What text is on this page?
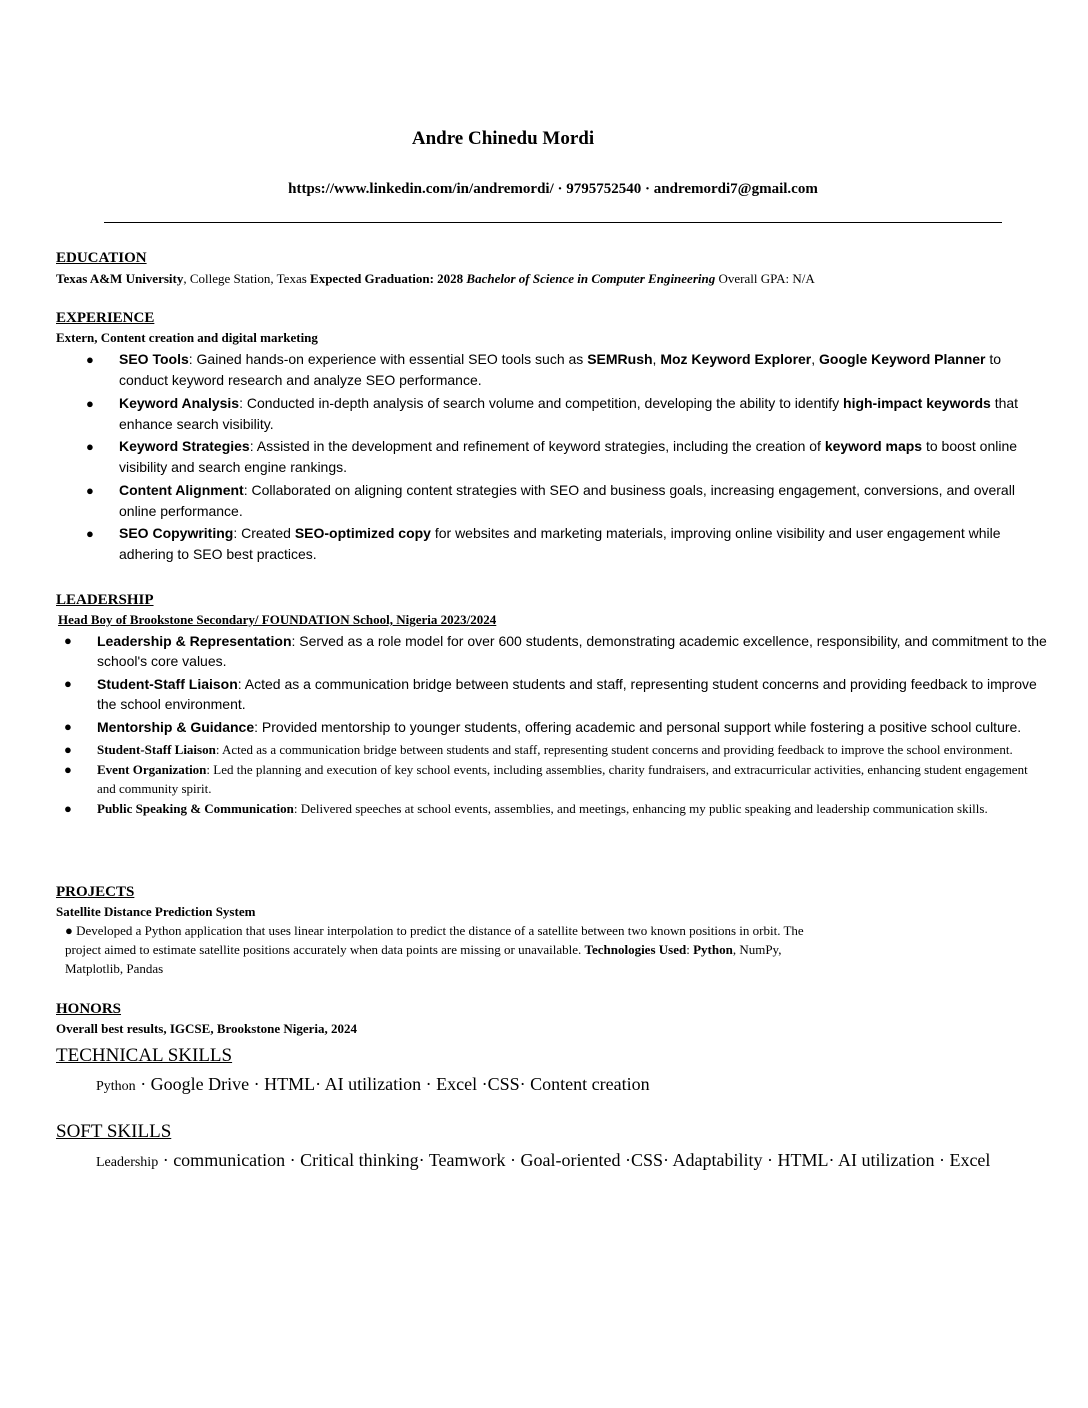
Andre Chinedu Mordi
https://www.linkedin.com/in/andremordi/ · 9795752540 · andremordi7@gmail.com
EDUCATION
Texas A&M University, College Station, Texas Expected Graduation: 2028 Bachelor of Science in Computer Engineering Overall GPA: N/A
EXPERIENCE
Extern, Content creation and digital marketing
● SEO Tools: Gained hands-on experience with essential SEO tools such as SEMRush, Moz Keyword Explorer, Google Keyword Planner to conduct keyword research and analyze SEO performance.
● Keyword Analysis: Conducted in-depth analysis of search volume and competition, developing the ability to identify high-impact keywords that enhance search visibility.
● Keyword Strategies: Assisted in the development and refinement of keyword strategies, including the creation of keyword maps to boost online visibility and search engine rankings.
● Content Alignment: Collaborated on aligning content strategies with SEO and business goals, increasing engagement, conversions, and overall online performance.
● SEO Copywriting: Created SEO-optimized copy for websites and marketing materials, improving online visibility and user engagement while adhering to SEO best practices.
LEADERSHIP
Head Boy of Brookstone Secondary/ FOUNDATION School, Nigeria 2023/2024
● Leadership & Representation: Served as a role model for over 600 students, demonstrating academic excellence, responsibility, and commitment to the school's core values.
● Student-Staff Liaison: Acted as a communication bridge between students and staff, representing student concerns and providing feedback to improve the school environment.
● Mentorship & Guidance: Provided mentorship to younger students, offering academic and personal support while fostering a positive school culture.
● Student-Staff Liaison: Acted as a communication bridge between students and staff, representing student concerns and providing feedback to improve the school environment.
● Event Organization: Led the planning and execution of key school events, including assemblies, charity fundraisers, and extracurricular activities, enhancing student engagement and community spirit.
● Public Speaking & Communication: Delivered speeches at school events, assemblies, and meetings, enhancing my public speaking and leadership communication skills.
PROJECTS
Satellite Distance Prediction System
● Developed a Python application that uses linear interpolation to predict the distance of a satellite between two known positions in orbit. The
project aimed to estimate satellite positions accurately when data points are missing or unavailable. Technologies Used: Python, NumPy,
Matplotlib, Pandas
HONORS
Overall best results, IGCSE, Brookstone Nigeria, 2024
TECHNICAL SKILLS
Python · Google Drive · HTML· AI utilization · Excel ·CSS· Content creation
SOFT SKILLS
Leadership · communication · Critical thinking· Teamwork · Goal-oriented ·CSS· Adaptability · HTML· AI utilization · Excel
